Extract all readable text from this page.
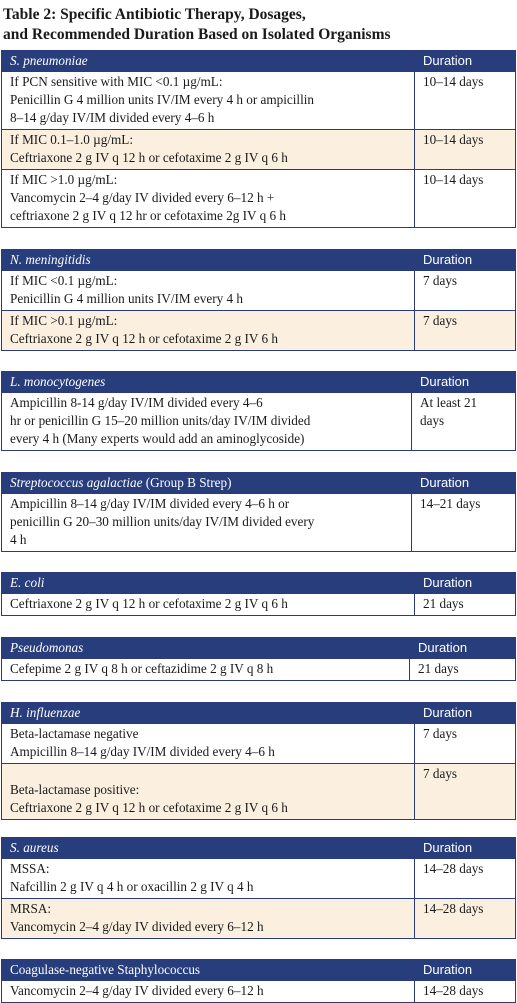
Table 2: Specific Antibiotic Therapy, Dosages,
and Recommended Duration Based on Isolated Organisms
S. pneumoniae	Duration

If PCN sensitive with MIC <0.1 µg/mL:
Penicillin G 4 million units IV/IM every 4 h or ampicillin
8–14 g/day IV/IM divided every 4–6 h	10–14 days

If MIC 0.1–1.0 µg/mL:
Ceftriaxone 2 g IV q 12 h or cefotaxime 2 g IV q 6 h	10–14 days

If MIC >1.0 µg/mL:
Vancomycin 2–4 g/day IV divided every 6–12 h +
ceftriaxone 2 g IV q 12 hr or cefotaxime 2g IV q 6 h	10–14 days
N. meningitidis	Duration

If MIC <0.1 µg/mL:
Penicillin G 4 million units IV/IM every 4 h	7 days

If MIC >0.1 µg/mL:
Ceftriaxone 2 g IV q 12 h or cefotaxime 2 g IV 6 h	7 days
L. monocytogenes	Duration

Ampicillin 8-14 g/day IV/IM divided every 4–6
hr or penicillin G 15–20 million units/day IV/IM divided
every 4 h (Many experts would add an aminoglycoside)	At least 21
days
Streptococcus agalactiae (Group B Strep)	Duration

Ampicillin 8–14 g/day IV/IM divided every 4–6 h or
penicillin G 20–30 million units/day IV/IM divided every
4 h	14–21 days
E. coli	Duration

Ceftriaxone 2 g IV q 12 h or cefotaxime 2 g IV q 6 h	21 days
Pseudomonas	Duration

Cefepime 2 g IV q 8 h or ceftazidime 2 g IV q 8 h	21 days
H. influenzae	Duration

Beta-lactamase negative
Ampicillin 8–14 g/day IV/IM divided every 4–6 h	7 days

Beta-lactamase positive:
Ceftriaxone 2 g IV q 12 h or cefotaxime 2 g IV q 6 h	7 days
S. aureus	Duration

MSSA:
Nafcillin 2 g IV q 4 h or oxacillin 2 g IV q 4 h	14–28 days

MRSA:
Vancomycin 2–4 g/day IV divided every 6–12 h	14–28 days
Coagulase-negative Staphylococcus	Duration

Vancomycin 2–4 g/day IV divided every 6–12 h	14–28 days
